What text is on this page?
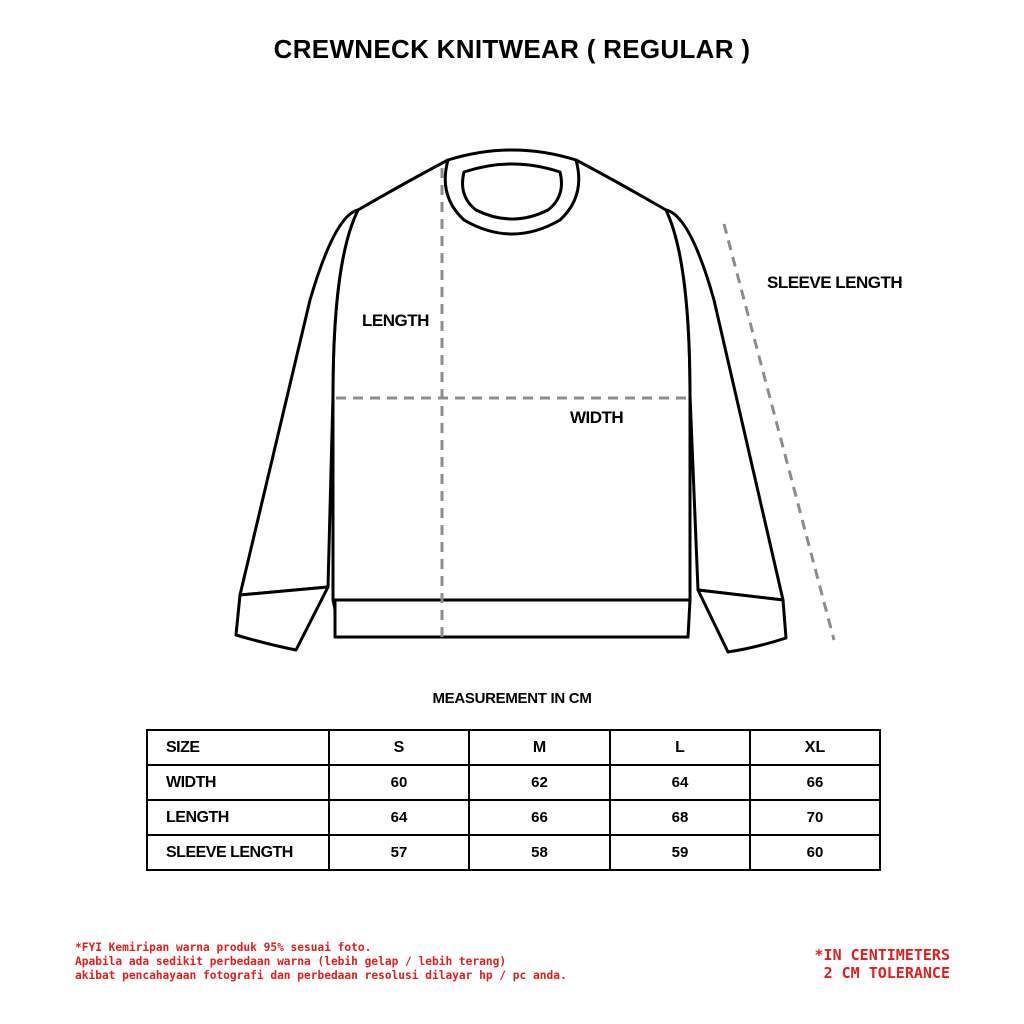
CREWNECK KNITWEAR ( REGULAR )
SLEEVE LENGTH
LENGTH
WIDTH
MEASUREMENT IN CM
SIZE	S	M	L	XL
WIDTH	60	62	64	66
LENGTH	64	66	68	70
SLEEVE LENGTH	57	58	59	60
*FYI Kemiripan warna produk 95% sesuai foto.
Apabila ada sedikit perbedaan warna (lebih gelap / lebih terang)
akibat pencahayaan fotografi dan perbedaan resolusi dilayar hp / pc anda.
*IN CENTIMETERS
2 CM TOLERANCE
